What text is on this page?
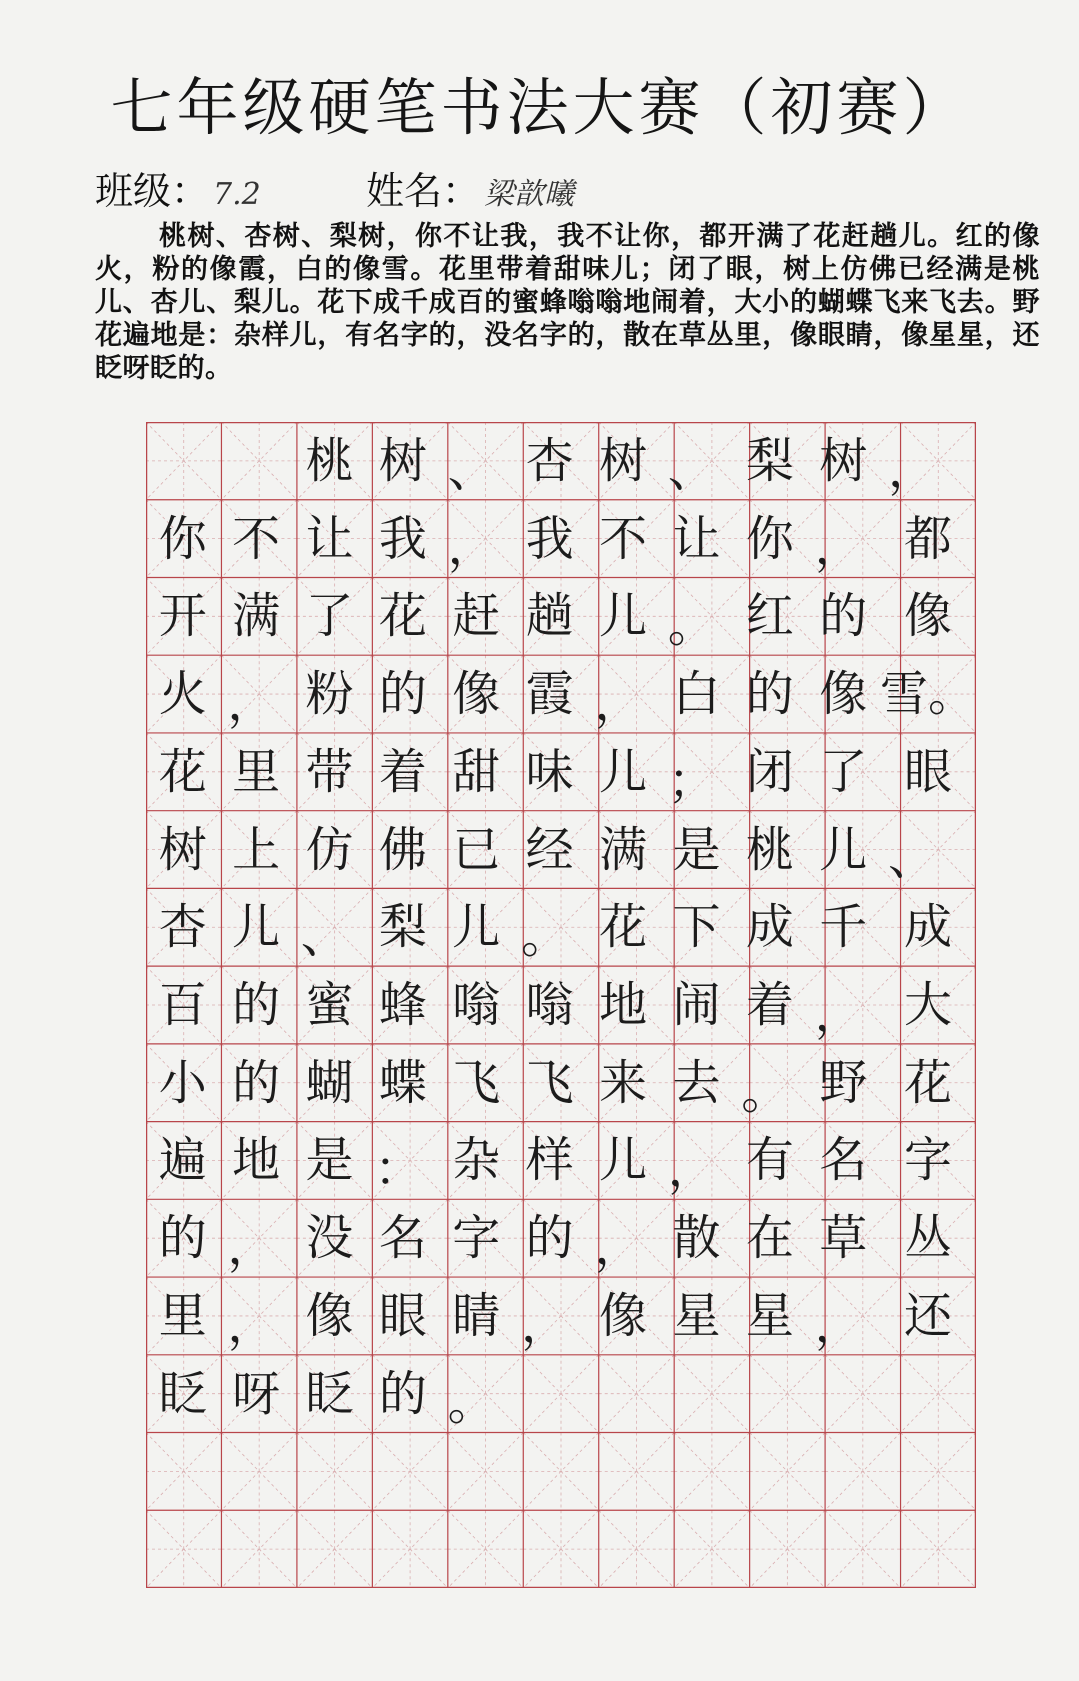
七年级硬笔书法大赛（初赛）
班级： 7.2	姓名： 梁歆曦
桃树、杏树、梨树，你不让我，我不让你，都开满了花赶趟儿。红的像火，粉的像霞，白的像雪。花里带着甜味儿；闭了眼，树上仿佛已经满是桃儿、杏儿、梨儿。花下成千成百的蜜蜂嗡嗡地闹着，大小的蝴蝶飞来飞去。野花遍地是：杂样儿，有名字的，没名字的，散在草丛里，像眼睛，像星星，还眨呀眨的。
桃 树 、 杏 树 、 梨 树 ，
你 不 让 我 ， 我 不 让 你 ， 都
开 满 了 花 赶 趟 儿 。 红 的 像
火 ， 粉 的 像 霞 ， 白 的 像 雪。
花 里 带 着 甜 味 儿 ； 闭 了 眼
树 上 仿 佛 已 经 满 是 桃 儿 、
杏 儿 、 梨 儿 。 花 下 成 千 成
百 的 蜜 蜂 嗡 嗡 地 闹 着 ， 大
小 的 蝴 蝶 飞 飞 来 去 。 野 花
遍 地 是 ： 杂 样 儿 ， 有 名 字
的 ， 没 名 字 的 ， 散 在 草 丛
里 ， 像 眼 睛 ， 像 星 星 ， 还
眨 呀 眨 的 。
